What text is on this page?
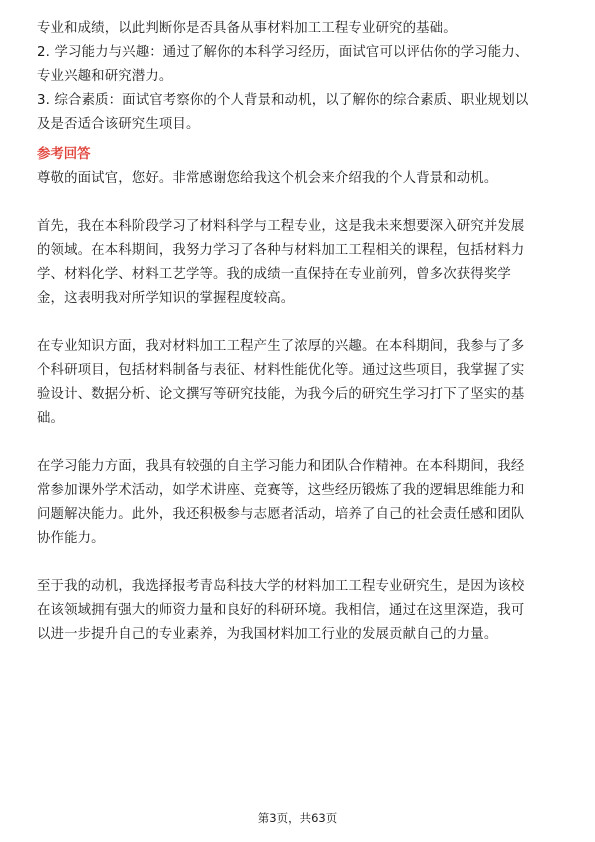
专业和成绩，以此判断你是否具备从事材料加工工程专业研究的基础。
2. 学习能力与兴趣：通过了解你的本科学习经历，面试官可以评估你的学习能力、
专业兴趣和研究潜力。
3. 综合素质：面试官考察你的个人背景和动机，以了解你的综合素质、职业规划以
及是否适合该研究生项目。
参考回答
尊敬的面试官，您好。非常感谢您给我这个机会来介绍我的个人背景和动机。
首先，我在本科阶段学习了材料科学与工程专业，这是我未来想要深入研究并发展
的领域。在本科期间，我努力学习了各种与材料加工工程相关的课程，包括材料力
学、材料化学、材料工艺学等。我的成绩一直保持在专业前列，曾多次获得奖学
金，这表明我对所学知识的掌握程度较高。
在专业知识方面，我对材料加工工程产生了浓厚的兴趣。在本科期间，我参与了多
个科研项目，包括材料制备与表征、材料性能优化等。通过这些项目，我掌握了实
验设计、数据分析、论文撰写等研究技能，为我今后的研究生学习打下了坚实的基
础。
在学习能力方面，我具有较强的自主学习能力和团队合作精神。在本科期间，我经
常参加课外学术活动，如学术讲座、竞赛等，这些经历锻炼了我的逻辑思维能力和
问题解决能力。此外，我还积极参与志愿者活动，培养了自己的社会责任感和团队
协作能力。
至于我的动机，我选择报考青岛科技大学的材料加工工程专业研究生，是因为该校
在该领域拥有强大的师资力量和良好的科研环境。我相信，通过在这里深造，我可
以进一步提升自己的专业素养，为我国材料加工行业的发展贡献自己的力量。
第3页，共63页
